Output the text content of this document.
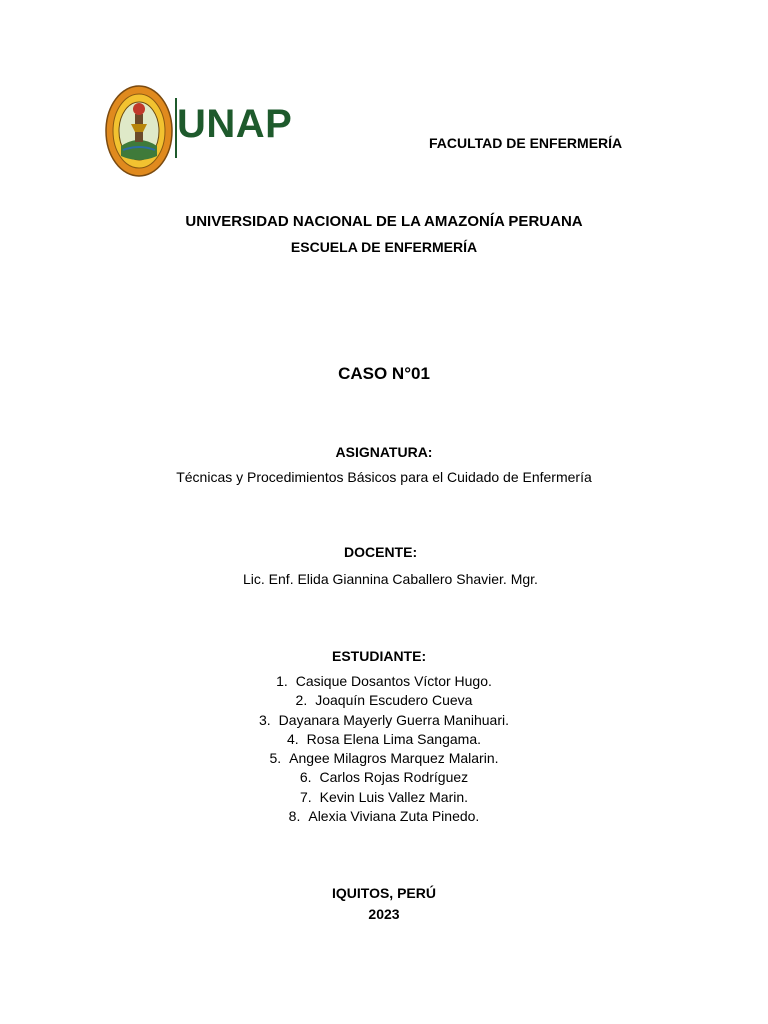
UNAP	FACULTAD DE ENFERMERÍA
UNIVERSIDAD NACIONAL DE LA AMAZONÍA PERUANA
ESCUELA DE ENFERMERÍA
CASO N°01
ASIGNATURA:
Técnicas y Procedimientos Básicos para el Cuidado de Enfermería
DOCENTE:
Lic. Enf. Elida Giannina Caballero Shavier. Mgr.
ESTUDIANTE:
1. Casique Dosantos Víctor Hugo.
2. Joaquín Escudero Cueva
3. Dayanara Mayerly Guerra Manihuari.
4. Rosa Elena Lima Sangama.
5. Angee Milagros Marquez Malarin.
6. Carlos Rojas Rodríguez
7. Kevin Luis Vallez Marin.
8. Alexia Viviana Zuta Pinedo.
IQUITOS, PERÚ
2023
